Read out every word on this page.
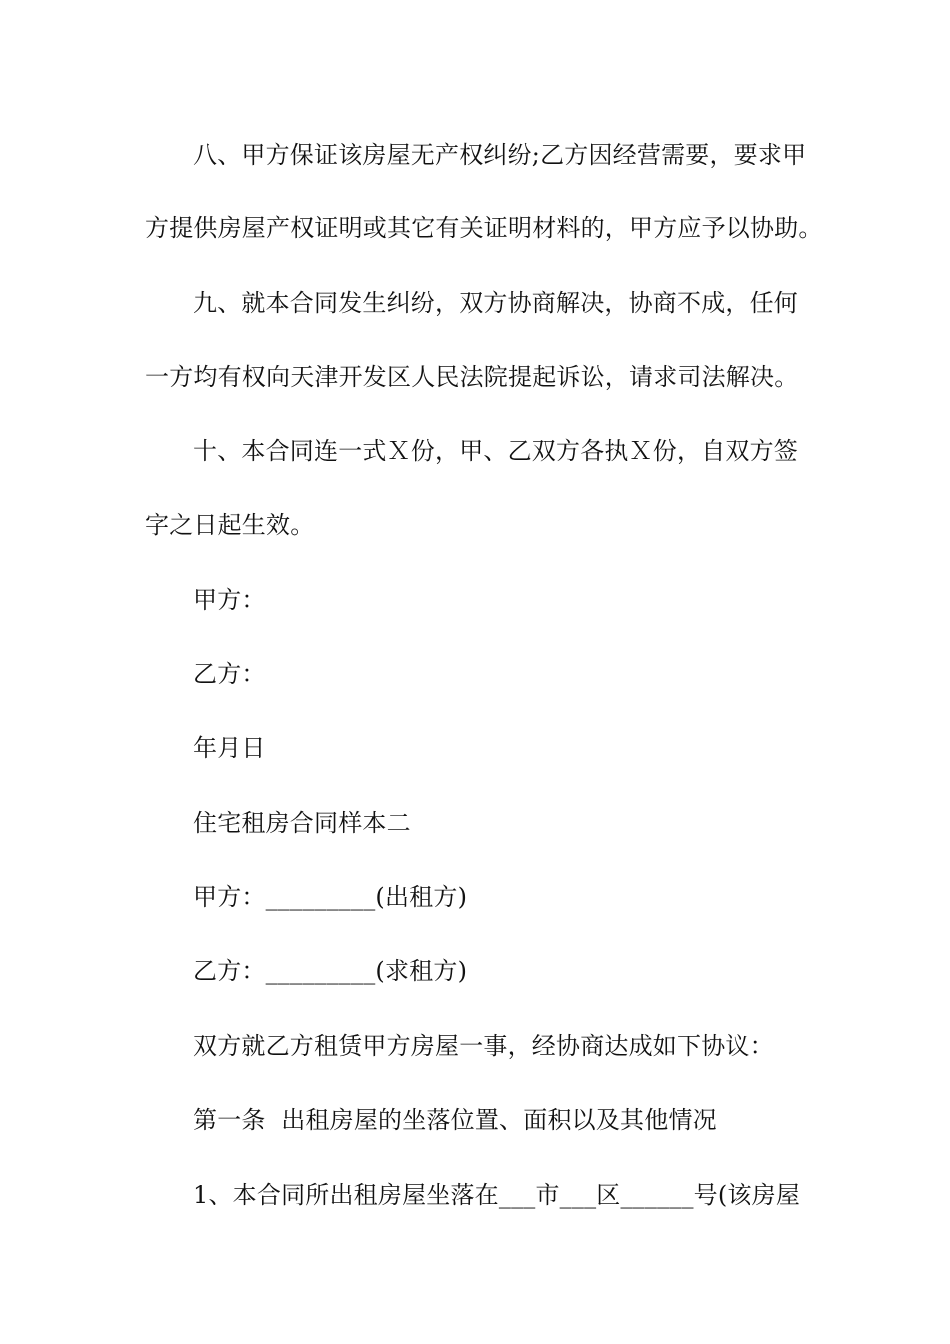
八、甲方保证该房屋无产权纠纷;乙方因经营需要，要求甲
方提供房屋产权证明或其它有关证明材料的，甲方应予以协助。
九、就本合同发生纠纷，双方协商解决，协商不成，任何
一方均有权向天津开发区人民法院提起诉讼，请求司法解决。
十、本合同连一式Ｘ份，甲、乙双方各执Ｘ份，自双方签
字之日起生效。
甲方：
乙方：
年月日
住宅租房合同样本二
甲方：_________(出租方)
乙方：_________(求租方)
双方就乙方租赁甲方房屋一事，经协商达成如下协议：
第一条  出租房屋的坐落位置、面积以及其他情况
1、本合同所出租房屋坐落在___市___区______号(该房屋
